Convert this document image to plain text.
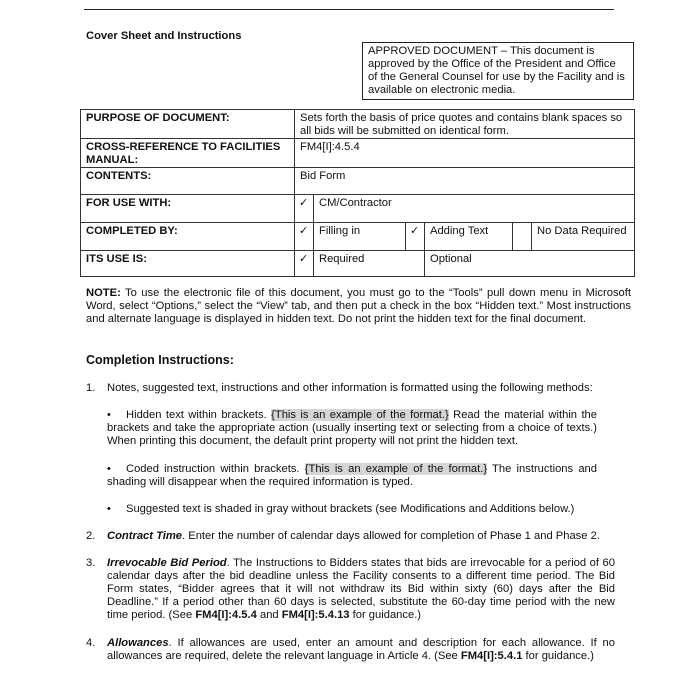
Cover Sheet and Instructions
APPROVED DOCUMENT – This document is approved by the Office of the President and Office of the General Counsel for use by the Facility and is available on electronic media.
PURPOSE OF DOCUMENT:	Sets forth the basis of price quotes and contains blank spaces so all bids will be submitted on identical form.					
CROSS-REFERENCE TO FACILITIES MANUAL:	FM4[I]:4.5.4					
CONTENTS:	Bid Form					
FOR USE WITH:	✓	CM/Contractor				
COMPLETED BY:	✓	Filling in	✓	Adding Text		No Data Required
ITS USE IS:	✓	Required		Optional		
NOTE: To use the electronic file of this document, you must go to the “Tools” pull down menu in Microsoft Word, select “Options,” select the “View” tab, and then put a check in the box “Hidden text.” Most instructions and alternate language is displayed in hidden text. Do not print the hidden text for the final document.
Completion Instructions:
1. Notes, suggested text, instructions and other information is formatted using the following methods:
•	Hidden text within brackets. {This is an example of the format.} Read the material within the brackets and take the appropriate action (usually inserting text or selecting from a choice of texts.) When printing this document, the default print property will not print the hidden text.
•	Coded instruction within brackets. {This is an example of the format.} The instructions and shading will disappear when the required information is typed.
• Suggested text is shaded in gray without brackets (see Modifications and Additions below.)
2. Contract Time. Enter the number of calendar days allowed for completion of Phase 1 and Phase 2.
3. Irrevocable Bid Period. The Instructions to Bidders states that bids are irrevocable for a period of 60 calendar days after the bid deadline unless the Facility consents to a different time period. The Bid Form states, “Bidder agrees that it will not withdraw its Bid within sixty (60) days after the Bid Deadline.” If a period other than 60 days is selected, substitute the 60-day time period with the new time period. (See FM4[I]:4.5.4 and FM4[I]:5.4.13 for guidance.)
4. Allowances. If allowances are used, enter an amount and description for each allowance. If no allowances are required, delete the relevant language in Article 4. (See FM4[I]:5.4.1 for guidance.)
